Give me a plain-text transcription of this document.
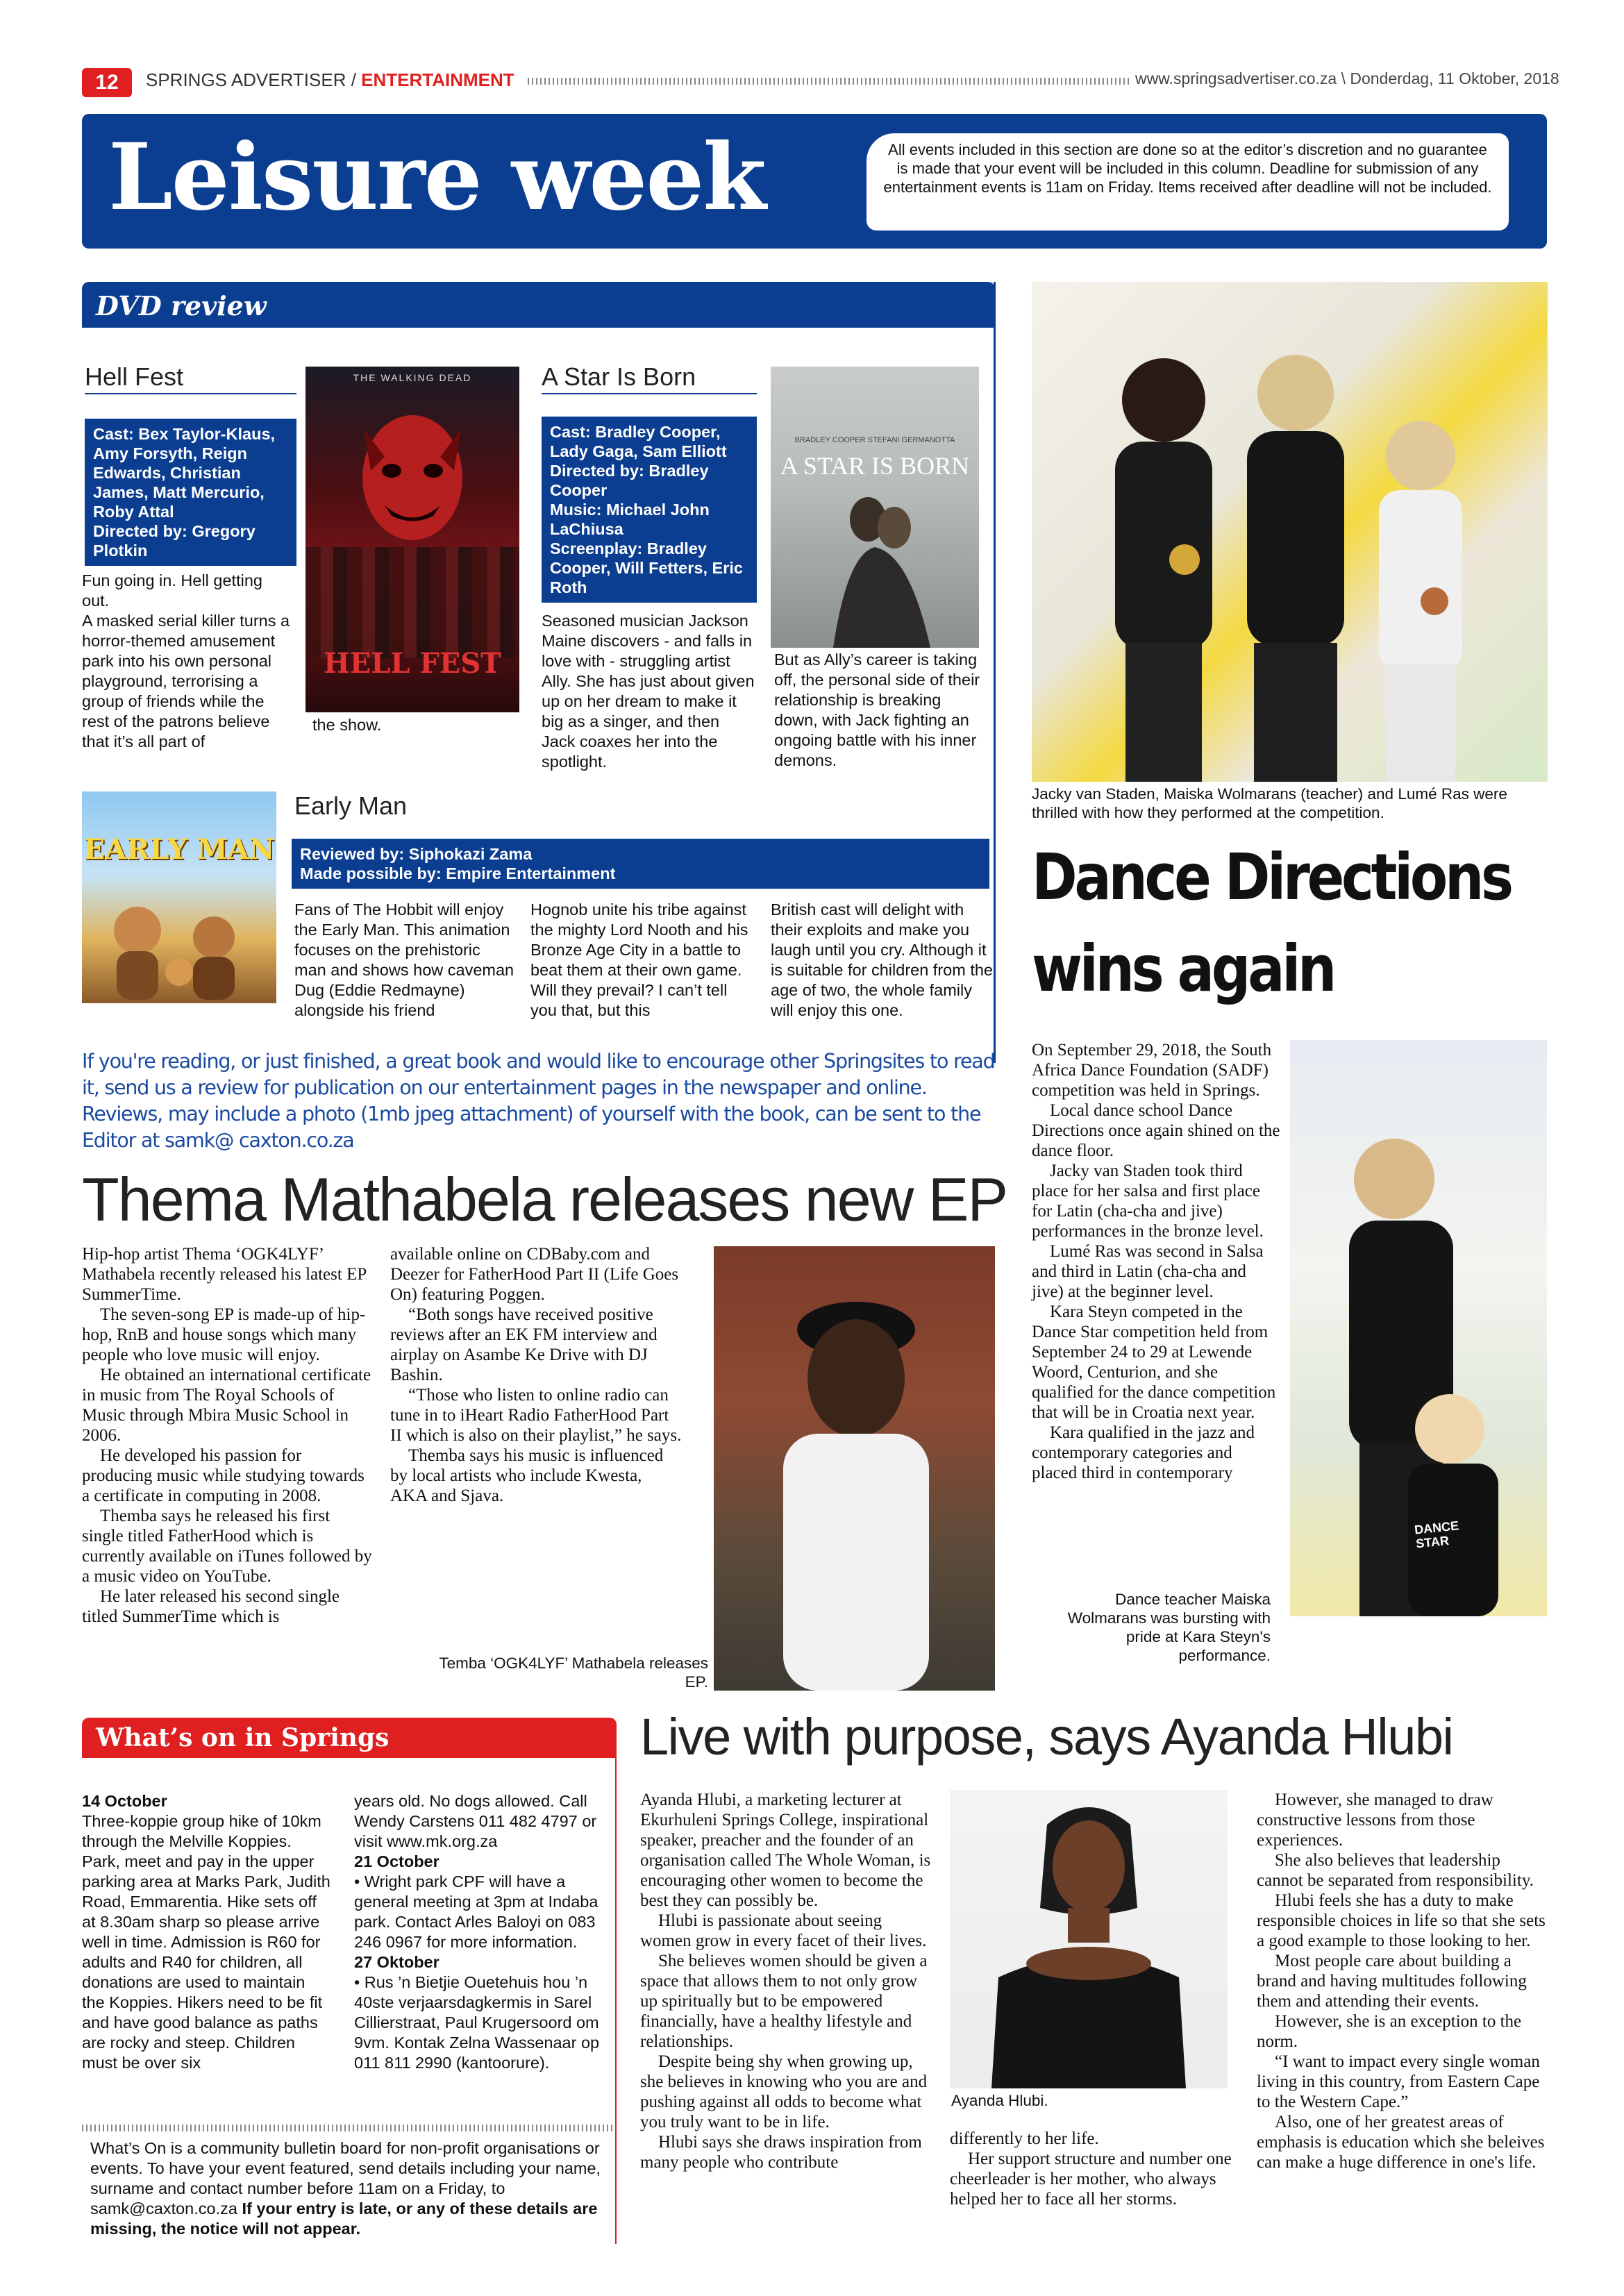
12	SPRINGS ADVERTISER / ENTERTAINMENT	www.springsadvertiser.co.za \ Donderdag, 11 Oktober, 2018
Leisure week	All events included in this section are done so at the editor’s discretion and no guarantee is made that your event will be included in this column. Deadline for submission of any entertainment events is 11am on Friday. Items received after deadline will not be included.
DVD review
Hell Fest
Cast: Bex Taylor-Klaus, Amy Forsyth, Reign Edwards, Christian James, Matt Mercurio, Roby Attal
Directed by: Gregory Plotkin
Fun going in. Hell getting out.
A masked serial killer turns a horror-themed amusement park into his own personal playground, terrorising a group of friends while the rest of the patrons believe that it’s all part of
THE WALKING DEAD
HELL FEST
the show.
A Star Is Born
Cast: Bradley Cooper, Lady Gaga, Sam Elliott
Directed by: Bradley Cooper
Music: Michael John LaChiusa
Screenplay: Bradley Cooper, Will Fetters, Eric Roth
Seasoned musician Jackson Maine discovers - and falls in love with - struggling artist Ally. She has just about given up on her dream to make it big as a singer, and then Jack coaxes her into the spotlight.
BRADLEY COOPER STEFANI GERMANOTTA
A STAR IS BORN
But as Ally’s career is taking off, the personal side of their relationship is breaking down, with Jack fighting an ongoing battle with his inner demons.
EARLY MAN
Early Man
Reviewed by: Siphokazi Zama
Made possible by: Empire Entertainment
Fans of The Hobbit will enjoy the Early Man. This animation focuses on the prehistoric man and shows how caveman Dug (Eddie Redmayne) alongside his friend
Hognob unite his tribe against the mighty Lord Nooth and his Bronze Age City in a battle to beat them at their own game. Will they prevail? I can’t tell you that, but this
British cast will delight with their exploits and make you laugh until you cry. Although it is suitable for children from the age of two, the whole family will enjoy this one.
If you're reading, or just finished, a great book and would like to encourage other Springsites to read it, send us a review for publication on our entertainment pages in the newspaper and online. Reviews, may include a photo (1mb jpeg attachment) of yourself with the book, can be sent to the Editor at samk@ caxton.co.za
Jacky van Staden, Maiska Wolmarans (teacher) and Lumé Ras were thrilled with how they performed at the competition.
Dance Directions wins again

On September 29, 2018, the South Africa Dance Foundation (SADF) competition was held in Springs.

Local dance school Dance Directions once again shined on the dance floor.

Jacky van Staden took third place for her salsa and first place for Latin (cha-cha and jive) performances in the bronze level.

Lumé Ras was second in Salsa and third in Latin (cha-cha and jive) at the beginner level.

Kara Steyn competed in the Dance Star competition held from September 24 to 29 at Lewende Woord, Centurion, and she qualified for the dance competition that will be in Croatia next year.

Kara qualified in the jazz and contemporary categories and placed third in contemporary

DANCE STAR
Dance teacher Maiska Wolmarans was bursting with pride at Kara Steyn's performance.
Thema Mathabela releases new EP

Hip-hop artist Thema ‘OGK4LYF’ Mathabela recently released his latest EP SummerTime.

The seven-song EP is made-up of hip-hop, RnB and house songs which many people who love music will enjoy.

He obtained an international certificate in music from The Royal Schools of Music through Mbira Music School in 2006.

He developed his passion for producing music while studying towards a certificate in computing in 2008.

Themba says he released his first single titled FatherHood which is currently available on iTunes followed by a music video on YouTube.

He later released his second single titled SummerTime which is

available online on CDBaby.com and Deezer for FatherHood Part II (Life Goes On) featuring Poggen.

“Both songs have received positive reviews after an EK FM interview and airplay on Asambe Ke Drive with DJ Bashin.

“Those who listen to online radio can tune in to iHeart Radio FatherHood Part II which is also on their playlist,” he says.

Themba says his music is influenced by local artists who include Kwesta, AKA and Sjava.

Temba ‘OGK4LYF’ Mathabela releases EP.
What’s on in Springs
14 October
Three-koppie group hike of 10km through the Melville Koppies. Park, meet and pay in the upper parking area at Marks Park, Judith Road, Emmarentia. Hike sets off at 8.30am sharp so please arrive well in time. Admission is R60 for adults and R40 for children, all donations are used to maintain the Koppies. Hikers need to be fit and have good balance as paths are rocky and steep. Children must be over six
years old. No dogs allowed. Call Wendy Carstens 011 482 4797 or visit www.mk.org.za
21 October
• Wright park CPF will have a general meeting at 3pm at Indaba park. Contact Arles Baloyi on 083 246 0967 for more information.
27 Oktober
• Rus ’n Bietjie Ouetehuis hou ’n 40ste verjaarsdagkermis in Sarel Cillierstraat, Paul Krugersoord om 9vm. Kontak Zelna Wassenaar op 011 811 2990 (kantoorure).
What’s On is a community bulletin board for non-profit organisations or events. To have your event featured, send details including your name, surname and contact number before 11am on a Friday, to samk@caxton.co.za If your entry is late, or any of these details are missing, the notice will not appear.
Live with purpose, says Ayanda Hlubi

Ayanda Hlubi, a marketing lecturer at Ekurhuleni Springs College, inspirational speaker, preacher and the founder of an organisation called The Whole Woman, is encouraging other women to become the best they can possibly be.

Hlubi is passionate about seeing women grow in every facet of their lives.

She believes women should be given a space that allows them to not only grow up spiritually but to be empowered financially, have a healthy lifestyle and relationships.

Despite being shy when growing up, she believes in knowing who you are and pushing against all odds to become what you truly want to be in life.

Hlubi says she draws inspiration from many people who contribute

Ayanda Hlubi.

differently to her life.

Her support structure and number one cheerleader is her mother, who always helped her to face all her storms.

However, she managed to draw constructive lessons from those experiences.

She also believes that leadership cannot be separated from responsibility.

Hlubi feels she has a duty to make responsible choices in life so that she sets a good example to those looking to her.

Most people care about building a brand and having multitudes following them and attending their events.

However, she is an exception to the norm.

“I want to impact every single woman living in this country, from Eastern Cape to the Western Cape.”

Also, one of her greatest areas of emphasis is education which she beleives can make a huge difference in one's life.
